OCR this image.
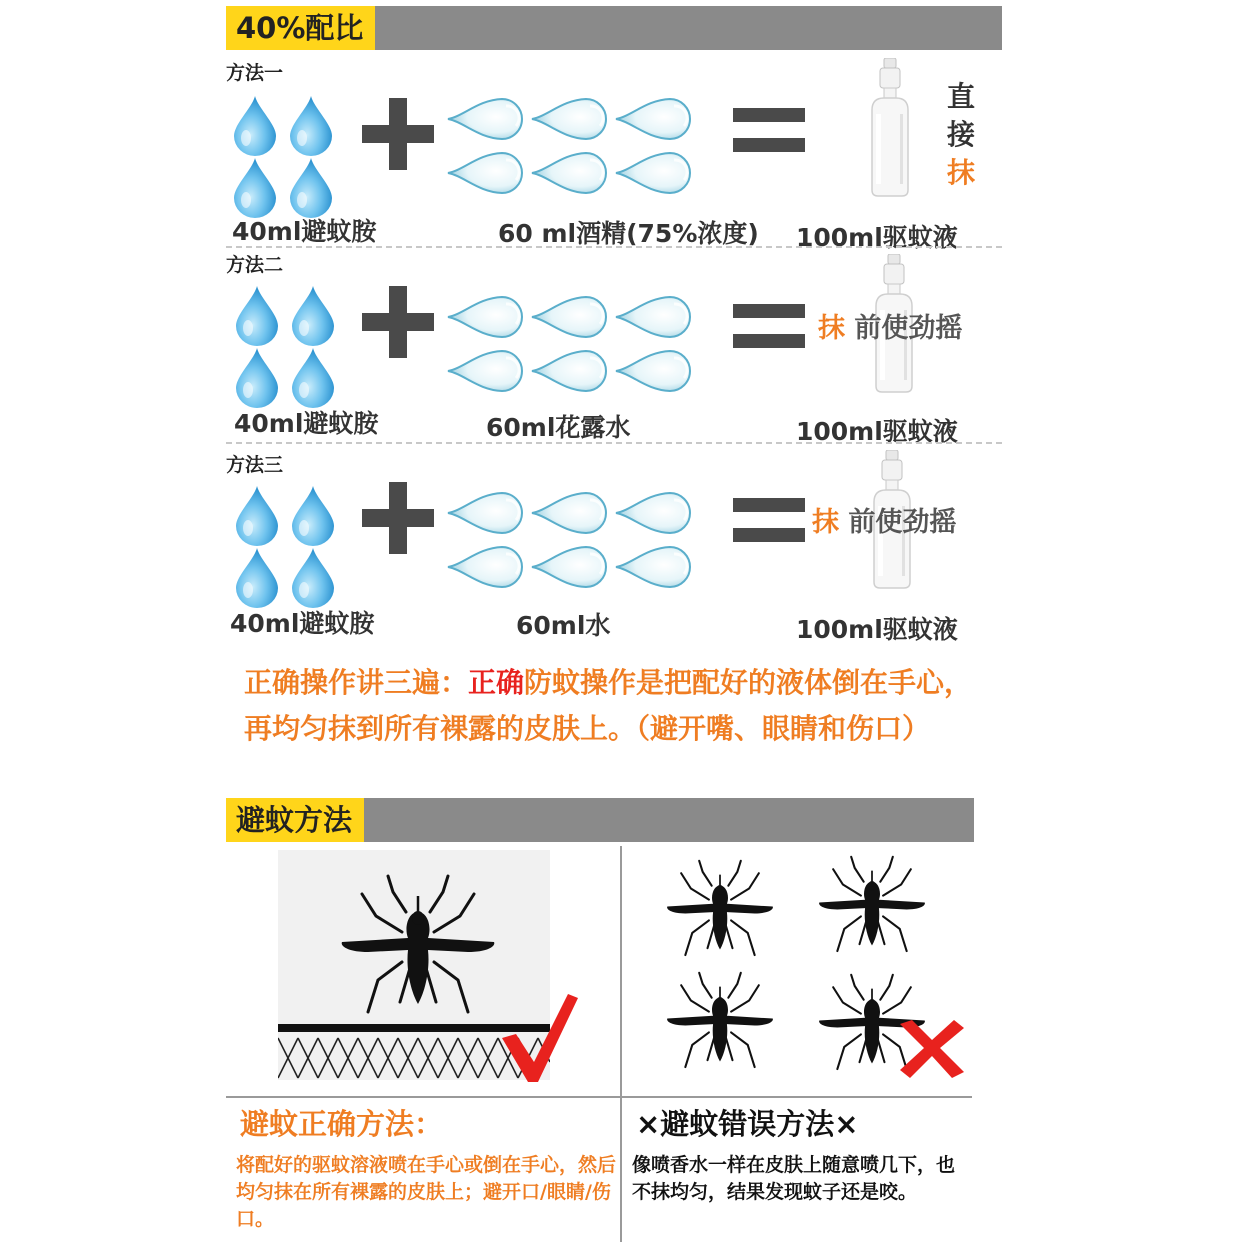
40%配比
方法一
直
接
抹
40ml避蚊胺	60 ml酒精(75%浓度) 100ml驱蚊液
方法二
抹 前使劲摇
40ml避蚊胺	60ml花露水	100ml驱蚊液
方法三
抹 前使劲摇
40ml避蚊胺	60ml水	100ml驱蚊液
正确操作讲三遍：正确防蚊操作是把配好的液体倒在手心，再均匀抹到所有裸露的皮肤上。（避开嘴、眼睛和伤口）
避蚊方法
避蚊正确方法：
将配好的驱蚊溶液喷在手心或倒在手心，然后均匀抹在所有裸露的皮肤上；避开口/眼睛/伤口。
×避蚊错误方法×
像喷香水一样在皮肤上随意喷几下，也不抹均匀，结果发现蚊子还是咬。
